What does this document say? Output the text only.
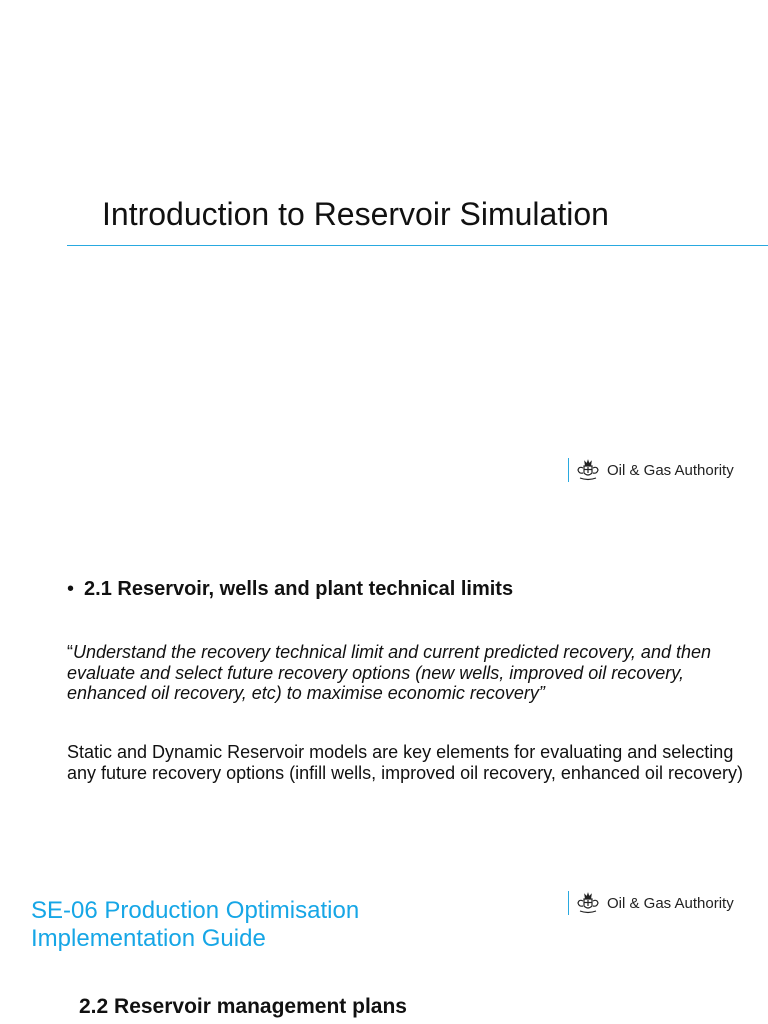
Introduction to Reservoir Simulation
Oil & Gas Authority
• 2.1 Reservoir, wells and plant technical limits
“Understand the recovery technical limit and current predicted recovery, and then evaluate and select future recovery options (new wells, improved oil recovery, enhanced oil recovery, etc) to maximise economic recovery”
Static and Dynamic Reservoir models are key elements for evaluating and selecting any future recovery options (infill wells, improved oil recovery, enhanced oil recovery)
SE-06 Production Optimisation Implementation Guide
Oil & Gas Authority
2.2 Reservoir management plans
